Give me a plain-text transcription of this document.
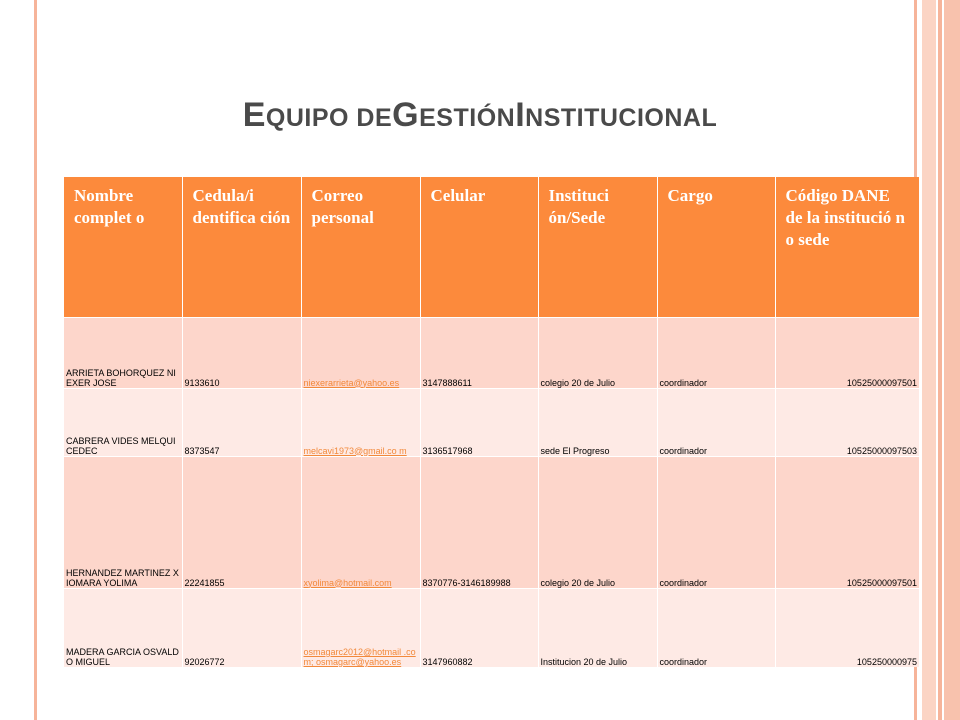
EQUIPO DEGESTIÓNINSTITUCIONAL
Nombre complet o	Cedula/i dentifica ción	Correo personal	Celular	Instituci ón/Sede	Cargo	Código DANE de la institució n o sede
ARRIETA BOHORQUEZ NIEXER JOSE	9133610	niexerarrieta@yahoo.es	3147888611	colegio 20 de Julio	coordinador	10525000097501
CABRERA VIDES MELQUICEDEC	8373547	melcavi1973@gmail.co m	3136517968	sede El Progreso	coordinador	10525000097503
HERNANDEZ MARTINEZ XIOMARA YOLIMA	22241855	xyolima@hotmail.com	8370776-3146189988	colegio 20 de Julio	coordinador	10525000097501
MADERA GARCIA OSVALDO MIGUEL	92026772	osmagarc2012@hotmail .com; osmagarc@yahoo.es	3147960882	Institucion 20 de Julio	coordinador	105250000975
